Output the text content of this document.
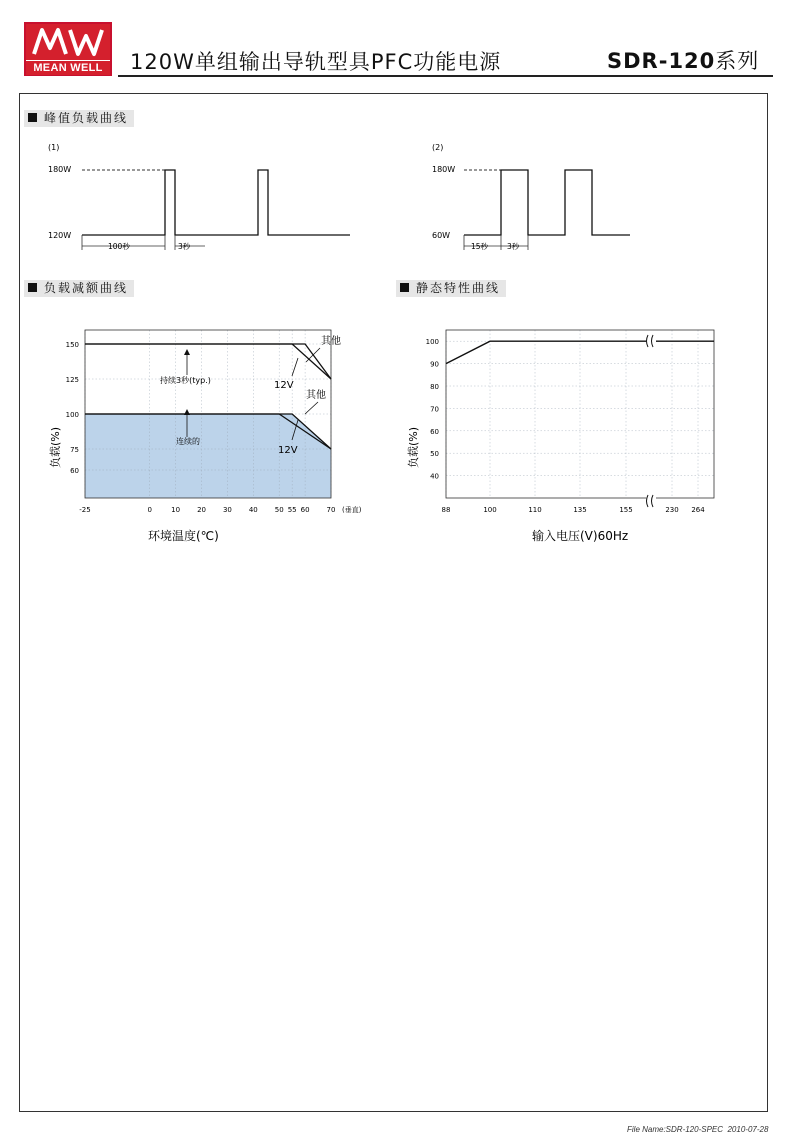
MEAN WELL	120W单组输出导轨型具PFC功能电源	SDR-120系列
峰值负载曲线
负载减额曲线	静态特性曲线
(1)
180W
120W
100秒	3秒
(2)
180W
60W
15秒	3秒
150
125
100
75
60
-25	0	10 20 30 40 50 55 60 70 (垂直)
环境温度(℃)
负载(%)
持续3秒(typ.)
连续的
其他
12V
其他
12V
100
90
80
70
60
50
40
88	100	110	135	155	230 264
输入电压(V)60Hz
负载(%)
File Name:SDR-120-SPEC 2010-07-28
